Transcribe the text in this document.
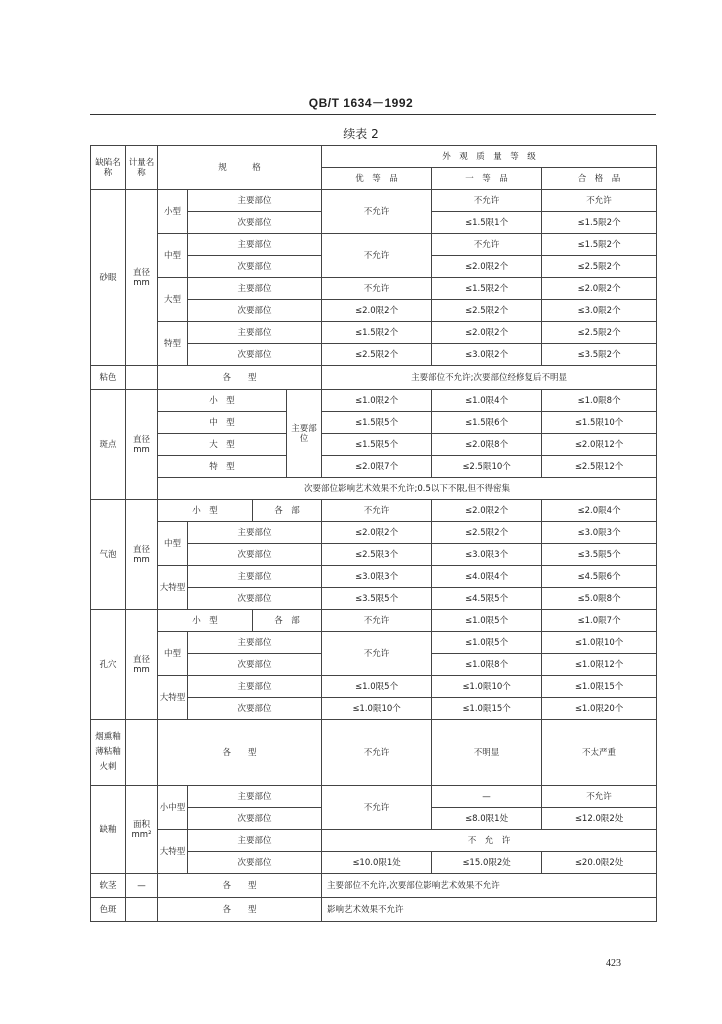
QB/T 1634－1992
续表 2
缺陷名称	计量名称	规　　　格				外　观　质　量　等　级		
						优　等　品	一　等　品	合　格　品
砂眼	直径mm	小型	主要部位			不允许	不允许	不允许
			次要部位				≤1.5限1个	≤1.5限2个
		中型	主要部位			不允许	不允许	≤1.5限2个
			次要部位				≤2.0限2个	≤2.5限2个
		大型	主要部位			不允许	≤1.5限2个	≤2.0限2个
			次要部位			≤2.0限2个	≤2.5限2个	≤3.0限2个
		特型	主要部位			≤1.5限2个	≤2.0限2个	≤2.5限2个
			次要部位			≤2.5限2个	≤3.0限2个	≤3.5限2个
粘色		各　　型				主要部位不允许;次要部位经修复后不明显		
斑点	直径mm	小　型			主要部位	≤1.0限2个	≤1.0限4个	≤1.0限8个
		中　型				≤1.5限5个	≤1.5限6个	≤1.5限10个
		大　型				≤1.5限5个	≤2.0限8个	≤2.0限12个
		特　型				≤2.0限7个	≤2.5限10个	≤2.5限12个
		次要部位影响艺术效果不允许;0.5以下不限,但不得密集						
气泡	直径mm	小　型		各　部		不允许	≤2.0限2个	≤2.0限4个
		中型	主要部位			≤2.0限2个	≤2.5限2个	≤3.0限3个
			次要部位			≤2.5限3个	≤3.0限3个	≤3.5限5个
		大特型	主要部位			≤3.0限3个	≤4.0限4个	≤4.5限6个
			次要部位			≤3.5限5个	≤4.5限5个	≤5.0限8个
孔穴	直径mm	小　型		各　部		不允许	≤1.0限5个	≤1.0限7个
		中型	主要部位			不允许	≤1.0限5个	≤1.0限10个
			次要部位				≤1.0限8个	≤1.0限12个
		大特型	主要部位			≤1.0限5个	≤1.0限10个	≤1.0限15个
			次要部位			≤1.0限10个	≤1.0限15个	≤1.0限20个
烟熏釉薄粘釉火刺		各　　型				不允许	不明显	不太严重
缺釉	面积mm²	小中型	主要部位			不允许	—	不允许
			次要部位				≤8.0限1处	≤12.0限2处
		大特型	主要部位			不　允　许		
			次要部位			≤10.0限1处	≤15.0限2处	≤20.0限2处
软茎	—	各　　型				主要部位不允许,次要部位影响艺术效果不允许		
色斑		各　　型				影响艺术效果不允许		
423
